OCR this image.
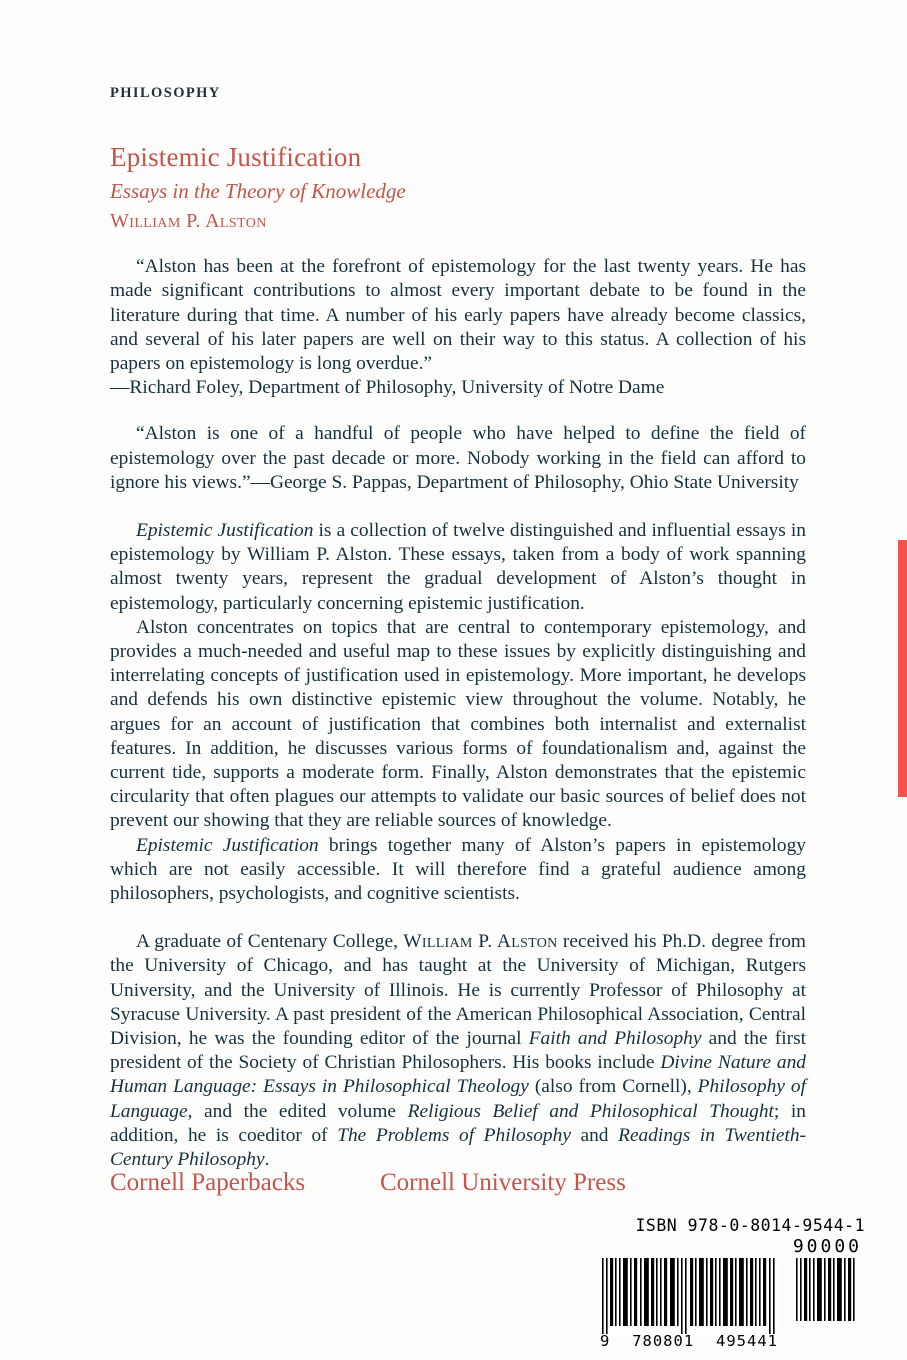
PHILOSOPHY
Epistemic Justification
Essays in the Theory of Knowledge
William P. Alston

“Alston has been at the forefront of epistemology for the last twenty years. He has made significant contributions to almost every important debate to be found in the literature during that time. A number of his early papers have already become classics, and several of his later papers are well on their way to this status. A collection of his papers on epistemology is long overdue.”

—Richard Foley, Department of Philosophy, University of Notre Dame

“Alston is one of a handful of people who have helped to define the field of epistemology over the past decade or more. Nobody working in the field can afford to ignore his views.”—George S. Pappas, Department of Philosophy, Ohio State University

Epistemic Justification is a collection of twelve distinguished and influential essays in epistemology by William P. Alston. These essays, taken from a body of work spanning almost twenty years, represent the gradual development of Alston’s thought in epistemology, particularly concerning epistemic justification.

Alston concentrates on topics that are central to contemporary epistemology, and provides a much-needed and useful map to these issues by explicitly distinguishing and interrelating concepts of justification used in epistemology. More important, he develops and defends his own distinctive epistemic view throughout the volume. Notably, he argues for an account of justification that combines both internalist and externalist features. In addition, he discusses various forms of foundationalism and, against the current tide, supports a moderate form. Finally, Alston demonstrates that the epistemic circularity that often plagues our attempts to validate our basic sources of belief does not prevent our showing that they are reliable sources of knowledge.

Epistemic Justification brings together many of Alston’s papers in epistemology which are not easily accessible. It will therefore find a grateful audience among philosophers, psychologists, and cognitive scientists.

A graduate of Centenary College, William P. Alston received his Ph.D. degree from the University of Chicago, and has taught at the University of Michigan, Rutgers University, and the University of Illinois. He is currently Professor of Philosophy at Syracuse University. A past president of the American Philosophical Association, Central Division, he was the founding editor of the journal Faith and Philosophy and the first president of the Society of Christian Philosophers. His books include Divine Nature and Human Language: Essays in Philosophical Theology (also from Cornell), Philosophy of Language, and the edited volume Religious Belief and Philosophical Thought; in addition, he is coeditor of The Problems of Philosophy and Readings in Twentieth-Century Philosophy.

Cornell Paperbacks	Cornell University Press
ISBN 978-0-8014-9544-1
90000
9 780801 495441
